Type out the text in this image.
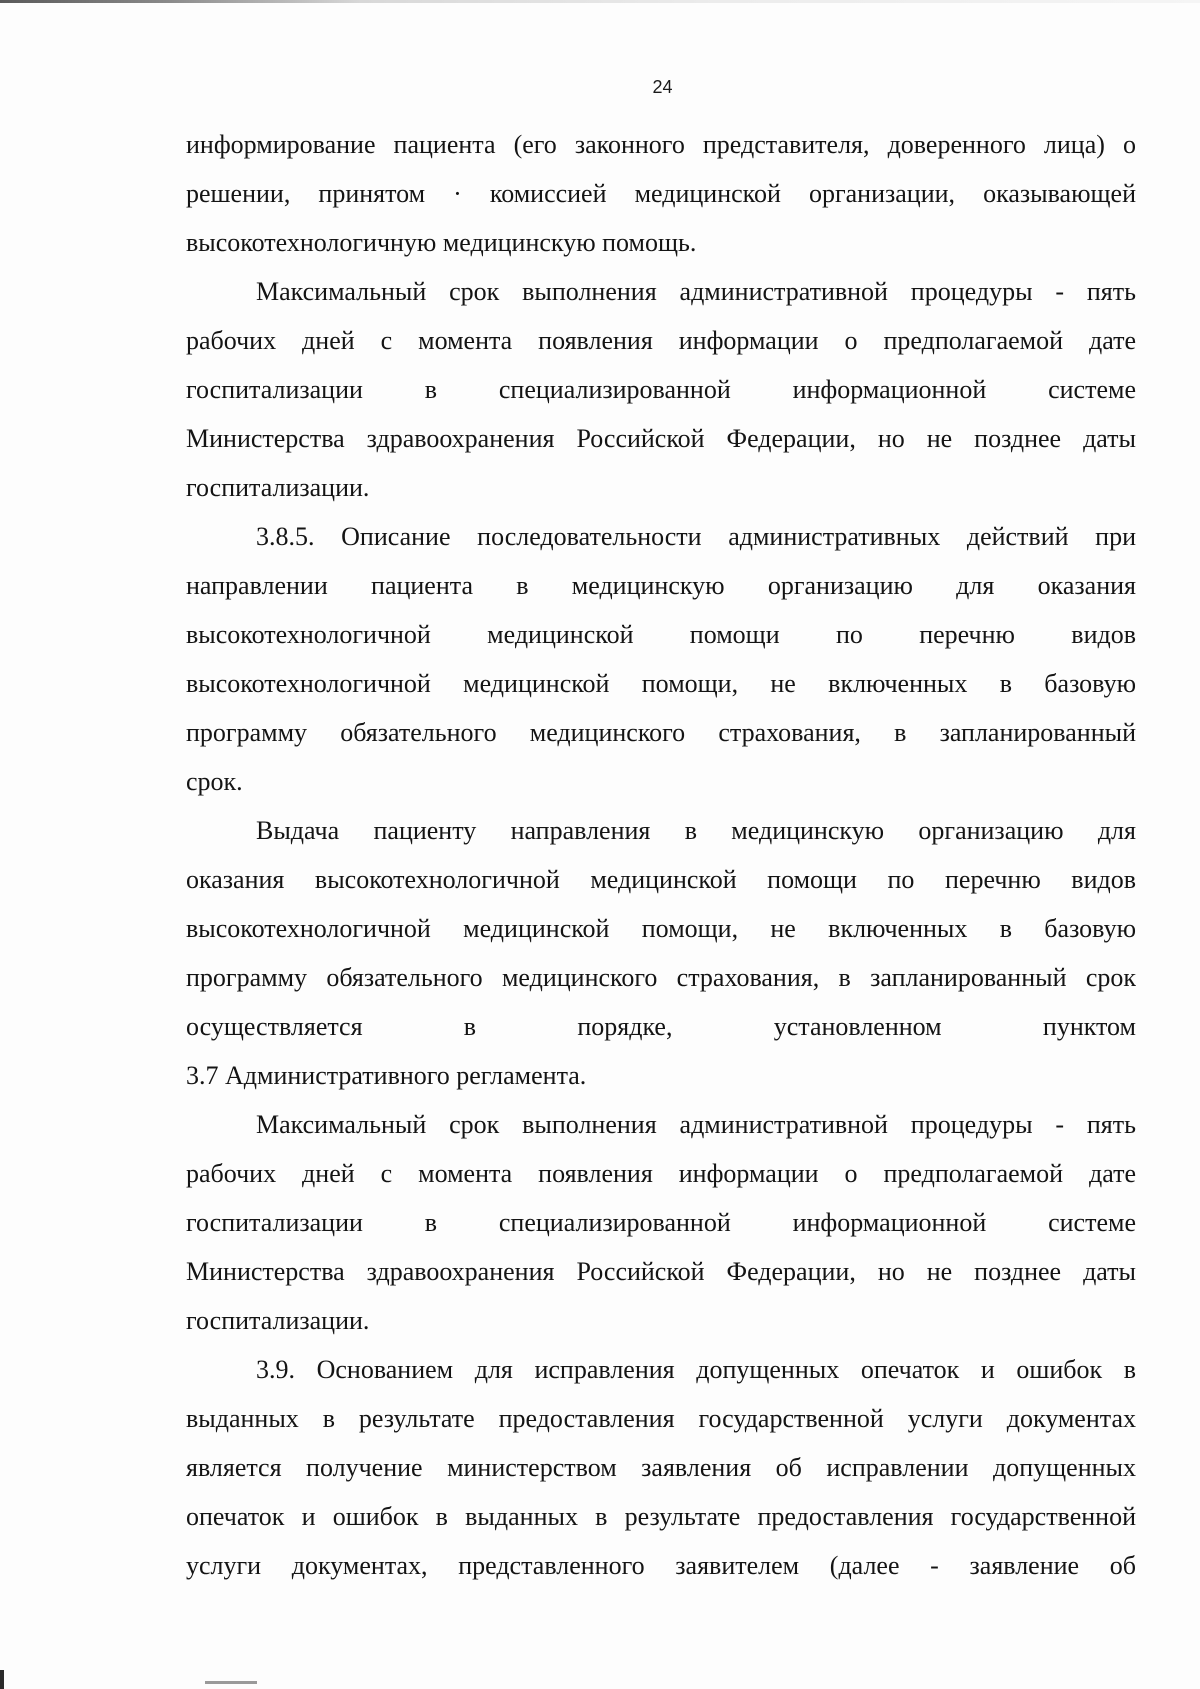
24
информирование пациента (его законного представителя, доверенного лица) о
решении, принятом · комиссией медицинской организации, оказывающей
высокотехнологичную медицинскую помощь.
Максимальный срок выполнения административной процедуры - пять
рабочих дней с момента появления информации о предполагаемой дате
госпитализации в специализированной информационной системе
Министерства здравоохранения Российской Федерации, но не позднее даты
госпитализации.
3.8.5. Описание последовательности административных действий при
направлении пациента в медицинскую организацию для оказания
высокотехнологичной медицинской помощи по перечню видов
высокотехнологичной медицинской помощи, не включенных в базовую
программу обязательного медицинского страхования, в запланированный
срок.
Выдача пациенту направления в медицинскую организацию для
оказания высокотехнологичной медицинской помощи по перечню видов
высокотехнологичной медицинской помощи, не включенных в базовую
программу обязательного медицинского страхования, в запланированный срок
осуществляется в порядке, установленном пунктом
3.7 Административного регламента.
Максимальный срок выполнения административной процедуры - пять
рабочих дней с момента появления информации о предполагаемой дате
госпитализации в специализированной информационной системе
Министерства здравоохранения Российской Федерации, но не позднее даты
госпитализации.
3.9. Основанием для исправления допущенных опечаток и ошибок в
выданных в результате предоставления государственной услуги документах
является получение министерством заявления об исправлении допущенных
опечаток и ошибок в выданных в результате предоставления государственной
услуги документах, представленного заявителем (далее - заявление об
